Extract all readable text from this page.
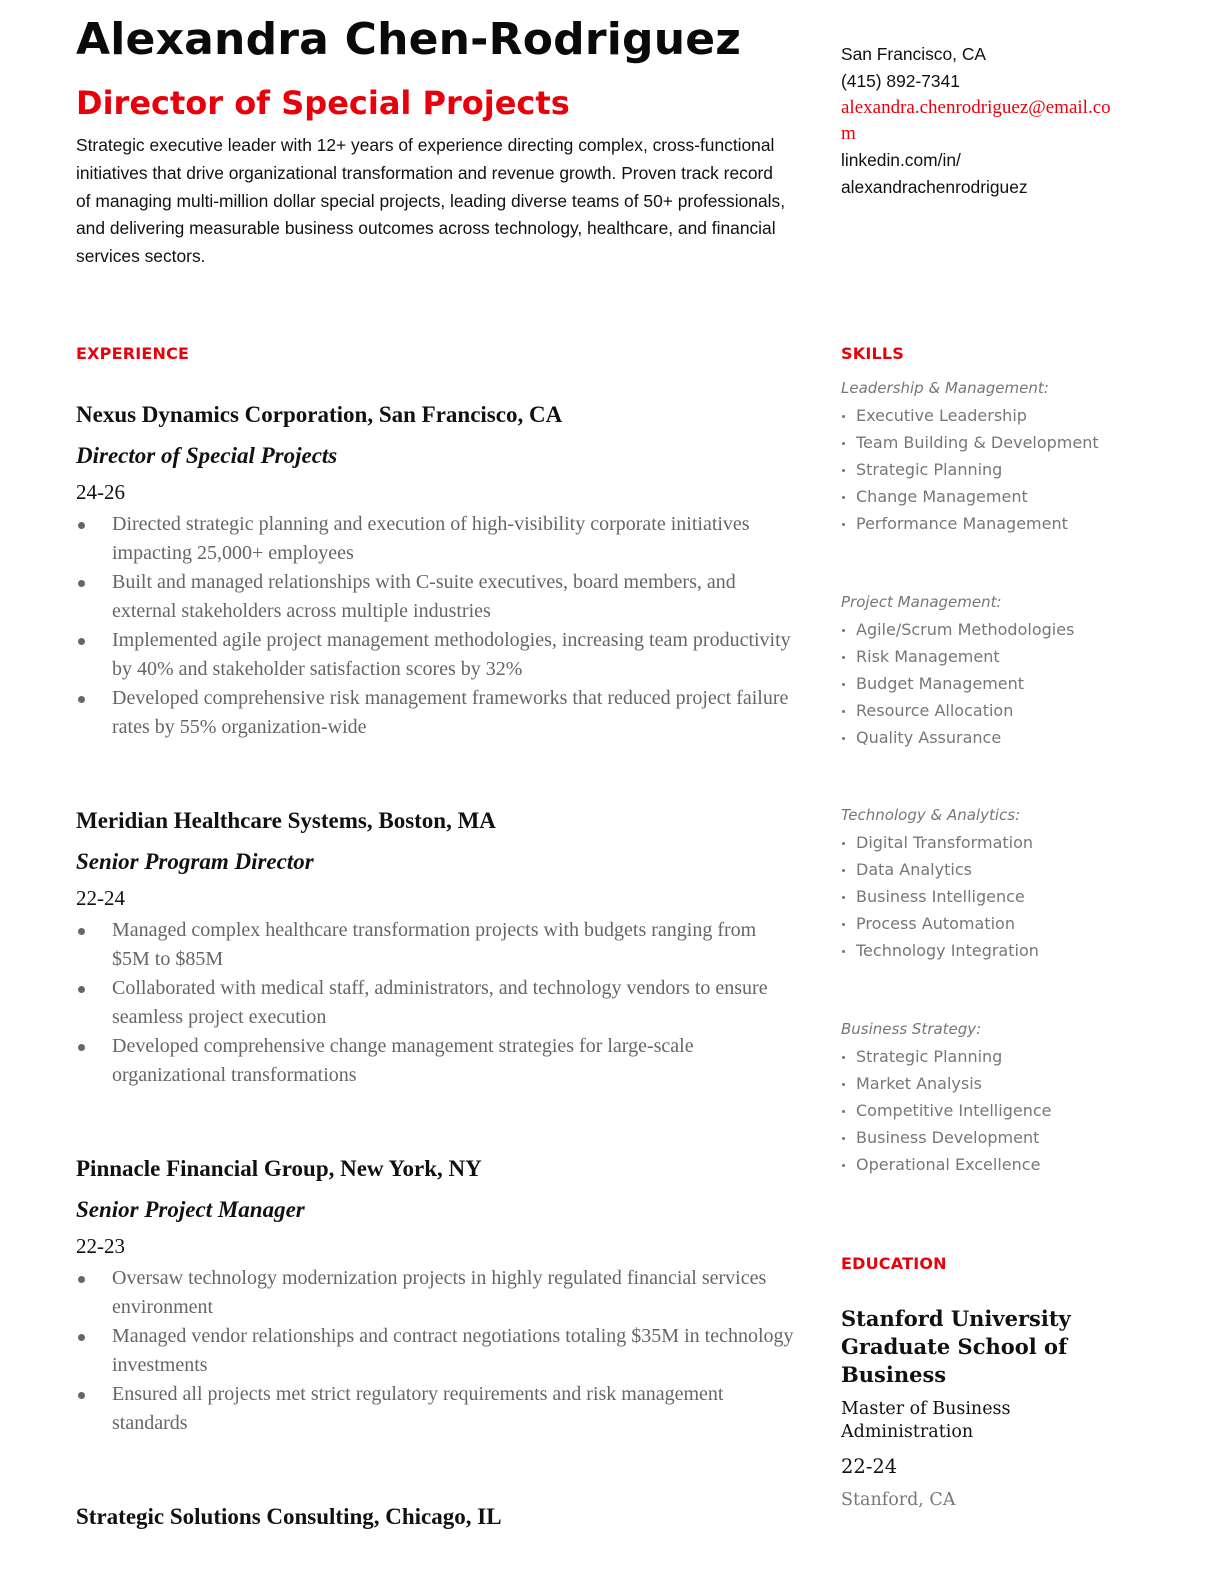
Alexandra Chen-Rodriguez
Director of Special Projects

Strategic executive leader with 12+ years of experience directing complex, cross-functional initiatives that drive organizational transformation and revenue growth. Proven track record of managing multi-million dollar special projects, leading diverse teams of 50+ professionals, and delivering measurable business outcomes across technology, healthcare, and financial services sectors.

EXPERIENCE
Nexus Dynamics Corporation, San Francisco, CA
Director of Special Projects
24-26
Directed strategic planning and execution of high-visibility corporate initiatives impacting 25,000+ employees
Built and managed relationships with C-suite executives, board members, and external stakeholders across multiple industries
Implemented agile project management methodologies, increasing team productivity by 40% and stakeholder satisfaction scores by 32%
Developed comprehensive risk management frameworks that reduced project failure rates by 55% organization-wide
Meridian Healthcare Systems, Boston, MA
Senior Program Director
22-24
Managed complex healthcare transformation projects with budgets ranging from $5M to $85M
Collaborated with medical staff, administrators, and technology vendors to ensure seamless project execution
Developed comprehensive change management strategies for large-scale organizational transformations
Pinnacle Financial Group, New York, NY
Senior Project Manager
22-23
Oversaw technology modernization projects in highly regulated financial services environment
Managed vendor relationships and contract negotiations totaling $35M in technology investments
Ensured all projects met strict regulatory requirements and risk management standards
Strategic Solutions Consulting, Chicago, IL
San Francisco, CA
(415) 892-7341
alexandra.chenrodriguez@email.com
linkedin.com/in/
alexandrachenrodriguez
SKILLS
Leadership & Management:
Executive Leadership
Team Building & Development
Strategic Planning
Change Management
Performance Management
Project Management:
Agile/Scrum Methodologies
Risk Management
Budget Management
Resource Allocation
Quality Assurance
Technology & Analytics:
Digital Transformation
Data Analytics
Business Intelligence
Process Automation
Technology Integration
Business Strategy:
Strategic Planning
Market Analysis
Competitive Intelligence
Business Development
Operational Excellence
EDUCATION
Stanford University Graduate School of Business
Master of Business Administration
22-24
Stanford, CA
